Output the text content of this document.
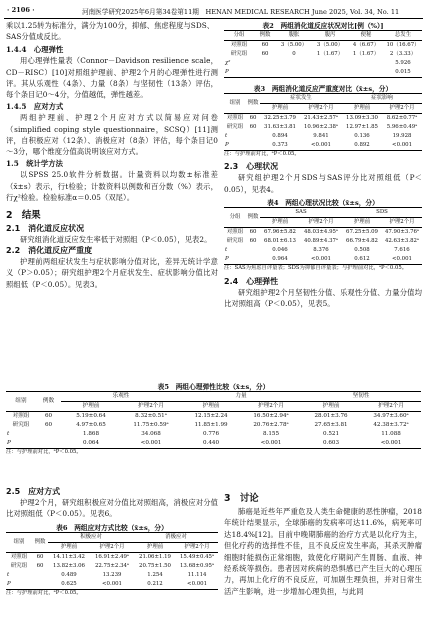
· 2106 ·	河南医学研究2025年6月第34卷第11期　HENAN MEDICAL RESEARCH June 2025, Vol. 34, No. 11
乘以1.25转为标准分，满分为100分，抑郁、焦虑程度与SDS、SAS分值成反比。
1.4.4　心理弹性
用心理弹性量表（Connor－Davidson resilience scale，CD－RISC）[10]对照组护理前、护理2个月的心理弹性进行测评。其从乐观性（4条）、力量（8条）与坚韧性（13条）评估，每个条目记0～4分，分值越低，弹性越差。
1.4.5　应对方式
两组护理前、护理2个月应对方式以简易应对问卷（simplified coping style questionnaire，SCSQ）[11]测评，自积极应对（12条）、消极应对（8条）评估，每个条目记0～3分，哪个维度分值高说明该应对方式。
1.5　统计学方法
以SPSS 25.0软件分析数据。计量资料以均数±标准差（x̄±s）表示，行t检验；计数资料以例数和百分数（%）表示，行χ²检验。检验标准α＝0.05（双尾）。
2　结果
2.1　消化道反应状况
研究组消化道反应发生率低于对照组（P＜0.05），见表2。
2.2　消化道反应严重度
护理前两组症状发生与症状影响分值对比，差异无统计学意义（P＞0.05）；研究组护理2个月症状发生、症状影响分值比对照组低（P＜0.05）。见表3。
表2　两组消化道反应状况对比[例（%）]
分组	例数	腹胀	腹泻	便秘	总发生
对照组	60	3（5.00）	3（5.00）	4（6.67）	10（16.67）
研究组	60	0	1（1.67）	1（1.67）	2（3.33）
χ²					5.926
P					0.015
表3　两组消化道反应严重度对比（x̄±s，分）
组别	例数	症状发生		症状影响	
		护理前	护理2个月	护理前	护理2个月
对照组	60	32.25±3.79	21.43±2.57ᵃ	13.09±3.30	8.62±0.77ᵃ
研究组	60	31.63±3.81	10.96±2.38ᵃ	12.97±1.85	5.96±0.49ᵃ
t		0.894	9.841	0.136	19.928
P		0.373	<0.001	0.892	<0.001
注：与护理前对比，ᵃP＜0.05。
2.3　心理状况
研究组护理2个月SDS与SAS评分比对照组低（P＜0.05），见表4。
表4　两组心理状况比较（x̄±s，分）
分组	例数	SAS		SDS	
		护理前	护理2个月	护理前	护理2个月
对照组	60	67.96±5.82	48.03±4.95ᵃ	67.25±5.09	47.90±3.76ᵃ
研究组	60	68.01±6.13	40.89±4.37ᵃ	66.79±4.82	42.63±3.82ᵃ
t		0.046	8.376	0.508	7.616
P		0.964	<0.001	0.612	<0.001
注：SAS为焦虑自评量表；SDS为抑郁自评量表；与护理前对比，ᵃP＜0.05。
2.4　心理弹性
研究组护理2个月坚韧性分值、乐观性分值、力量分值均比对照组高（P＜0.05），见表5。
表5　两组心理弹性比较（x̄±s，分）
组别	例数	乐观性		力量		坚韧性	
		护理前	护理2个月	护理前	护理2个月	护理前	护理2个月
对照组	60	5.19±0.64	8.32±0.51ᵃ	12.15±2.24	16.50±2.94ᵃ	28.01±3.76	34.97±3.60ᵃ
研究组	60	4.97±0.65	11.75±0.59ᵃ	11.85±1.99	20.76±2.78ᵃ	27.65±3.81	42.38±3.72ᵃ
t		1.868	34.068	0.776	8.155	0.521	11.088
P		0.064	<0.001	0.440	<0.001	0.603	<0.001
注：与护理前对比，ᵃP＜0.05。
2.5　应对方式
护理2个月，研究组积极应对分值比对照组高，消极应对分值比对照组低（P＜0.05）。见表6。
表6　两组应对方式比较（x̄±s，分）
组别	例数	积极应对		消极应对	
		护理前	护理2个月	护理前	护理2个月
对照组	60	14.11±3.42	16.91±2.49ᵃ	21.06±1.19	15.49±0.45ᵃ
研究组	60	13.82±3.06	22.75±2.34ᵃ	20.75±1.50	13.68±0.95ᵃ
t		0.489	13.239	1.254	11.114
P		0.625	<0.001	0.212	<0.001
注：与护理前对比，ᵃP＜0.05。
3　讨论
肺癌是近些年严重危及人类生命健康的恶性肿瘤，2018年统计结果显示，全球肺癌的发病率可达11.6%，病死率可达18.4%[12]。目前中晚期肺癌的治疗方式是以化疗为主，但化疗药的选择性不佳，且不良反应发生率高，其杀灭肿瘤细胞时能损伤正常细胞，致使化疗期间产生胃肠、血液、神经系统等损伤。患者因对疾病的恐惧感已产生巨大的心理压力，再加上化疗的不良反应，可加剧生理负担，并对日常生活产生影响，进一步增加心理负担，与此同
